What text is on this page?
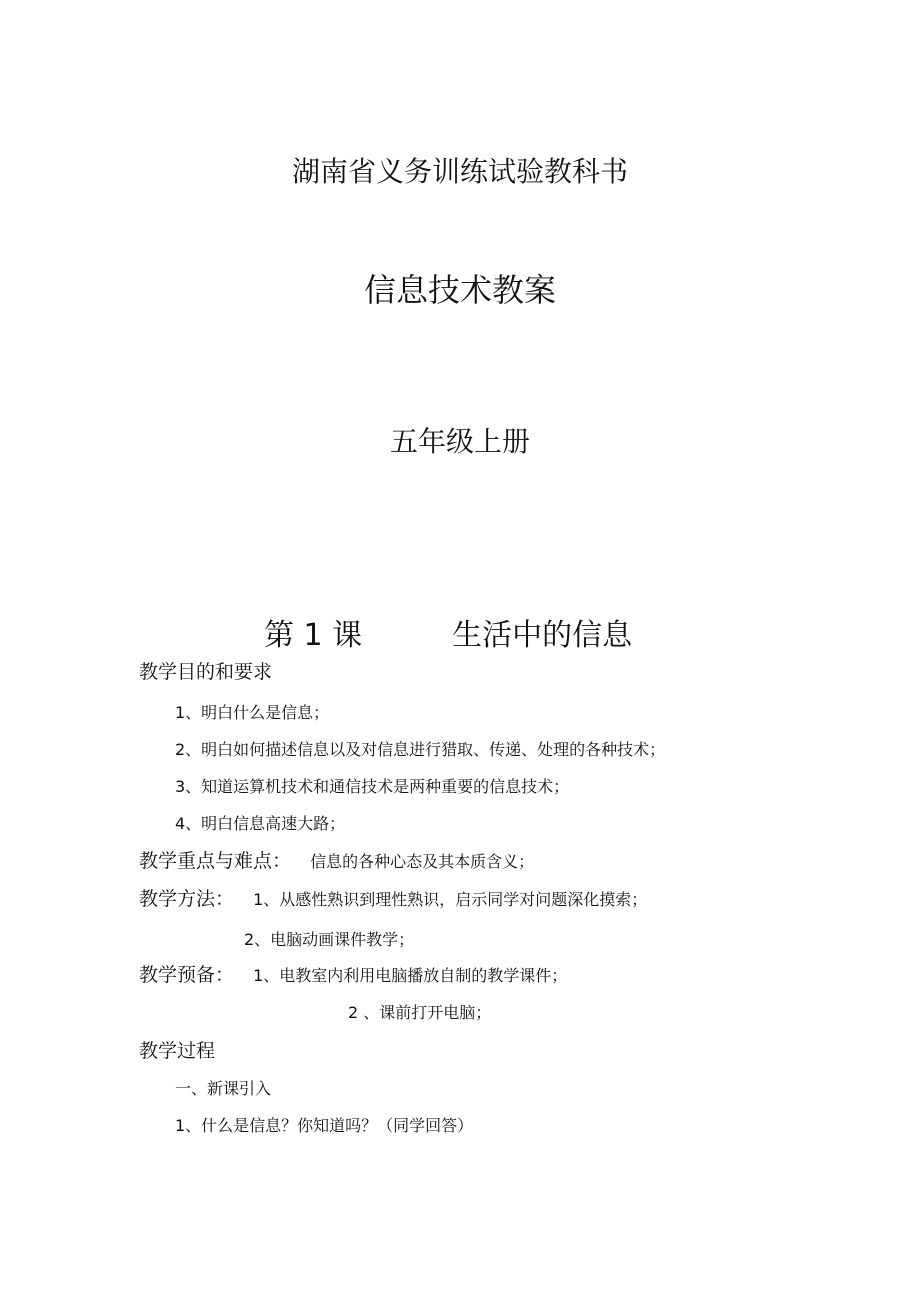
湖南省义务训练试验教科书
信息技术教案
五年级上册
第 1 课	生活中的信息
教学目的和要求
1、明白什么是信息；
2、明白如何描述信息以及对信息进行猎取、传递、处理的各种技术；
3、知道运算机技术和通信技术是两种重要的信息技术；
4、明白信息高速大路；
教学重点与难点： 信息的各种心态及其本质含义；
教学方法： 1、从感性熟识到理性熟识，启示同学对问题深化摸索；
2、电脑动画课件教学；
教学预备： 1、电教室内利用电脑播放自制的教学课件；
2 、课前打开电脑；
教学过程
一、新课引入
1、什么是信息？你知道吗？（同学回答）
